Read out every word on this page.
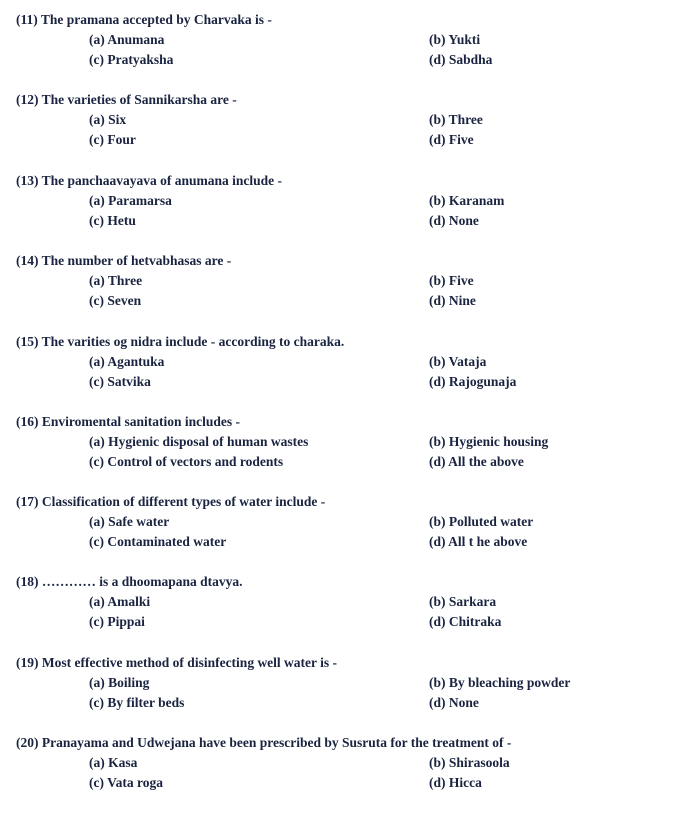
(11) The pramana accepted by Charvaka is -
(a) Anumana	(b) Yukti
(c) Pratyaksha	(d) Sabdha
(12) The varieties of Sannikarsha are -
(a) Six	(b) Three
(c) Four	(d) Five
(13) The panchaavayava of anumana include -
(a) Paramarsa	(b) Karanam
(c) Hetu	(d) None
(14) The number of hetvabhasas are -
(a) Three	(b) Five
(c) Seven	(d) Nine
(15) The varities og nidra include - according to charaka.
(a) Agantuka	(b) Vataja
(c) Satvika	(d) Rajogunaja
(16) Enviromental sanitation includes -
(a) Hygienic disposal of human wastes	(b) Hygienic housing
(c) Control of vectors and rodents	(d) All the above
(17) Classification of different types of water include -
(a) Safe water	(b) Polluted water
(c) Contaminated water	(d) All t he above
(18) ………… is a dhoomapana dtavya.
(a) Amalki	(b) Sarkara
(c) Pippai	(d) Chitraka
(19) Most effective method of disinfecting well water is -
(a) Boiling	(b) By bleaching powder
(c) By filter beds	(d) None
(20) Pranayama and Udwejana have been prescribed by Susruta for the treatment of -
(a) Kasa	(b) Shirasoola
(c) Vata roga	(d) Hicca
